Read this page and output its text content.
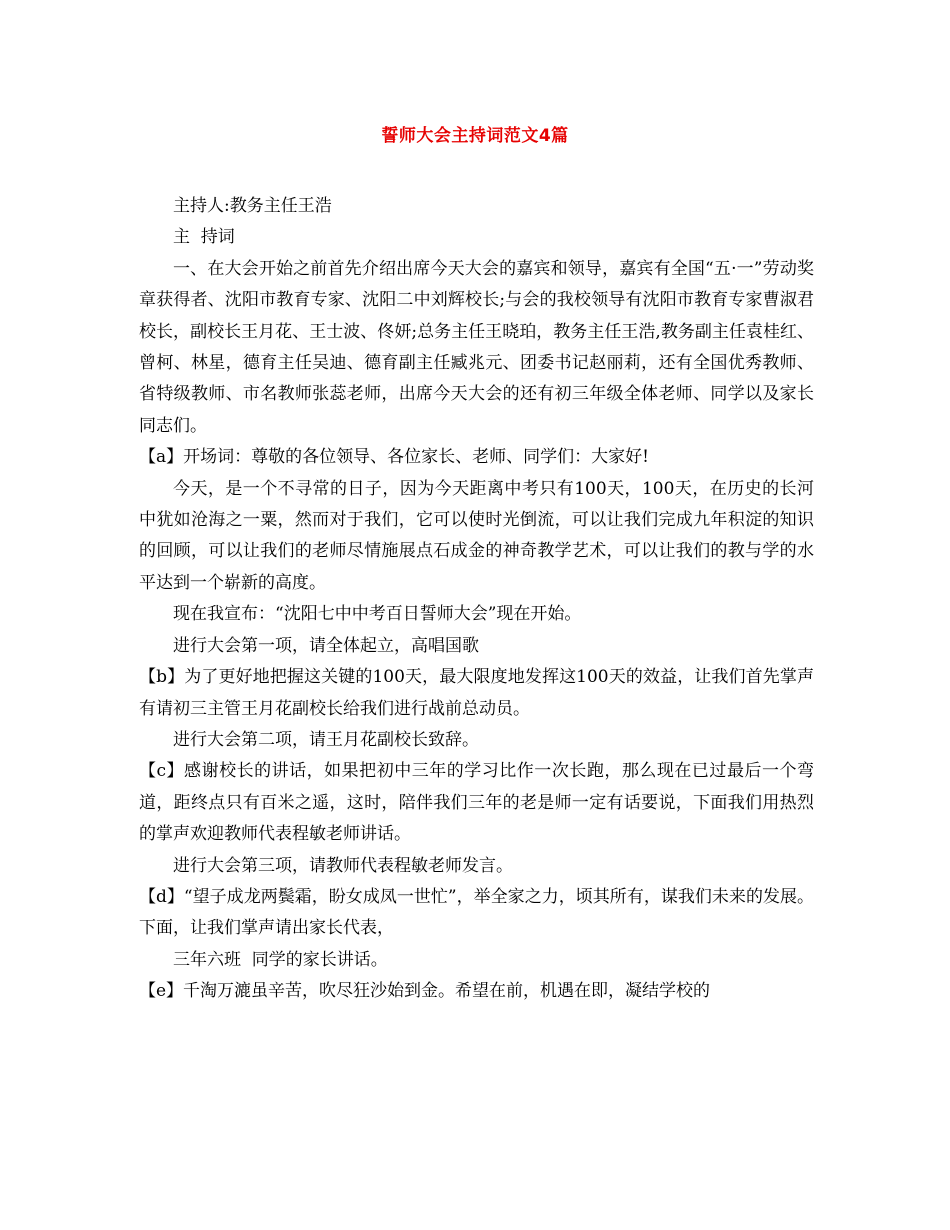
誓师大会主持词范文4篇

主持人:教务主任王浩

主  持词

一、在大会开始之前首先介绍出席今天大会的嘉宾和领导，嘉宾有全国“五·一”劳动奖章获得者、沈阳市教育专家、沈阳二中刘辉校长;与会的我校领导有沈阳市教育专家曹淑君校长，副校长王月花、王士波、佟妍;总务主任王晓珀，教务主任王浩,教务副主任袁桂红、曾柯、林星，德育主任吴迪、德育副主任臧兆元、团委书记赵丽莉，还有全国优秀教师、省特级教师、市名教师张蕊老师，出席今天大会的还有初三年级全体老师、同学以及家长同志们。

【a】开场词：尊敬的各位领导、各位家长、老师、同学们：大家好!

今天，是一个不寻常的日子，因为今天距离中考只有100天，100天，在历史的长河中犹如沧海之一粟，然而对于我们，它可以使时光倒流，可以让我们完成九年积淀的知识的回顾，可以让我们的老师尽情施展点石成金的神奇教学艺术，可以让我们的教与学的水平达到一个崭新的高度。

现在我宣布：“沈阳七中中考百日誓师大会”现在开始。

进行大会第一项，请全体起立，高唱国歌

【b】为了更好地把握这关键的100天，最大限度地发挥这100天的效益，让我们首先掌声有请初三主管王月花副校长给我们进行战前总动员。

进行大会第二项，请王月花副校长致辞。

【c】感谢校长的讲话，如果把初中三年的学习比作一次长跑，那么现在已过最后一个弯道，距终点只有百米之遥，这时，陪伴我们三年的老是师一定有话要说，下面我们用热烈的掌声欢迎教师代表程敏老师讲话。

进行大会第三项，请教师代表程敏老师发言。

【d】“望子成龙两鬓霜，盼女成凤一世忙”，举全家之力，顷其所有，谋我们未来的发展。下面，让我们掌声请出家长代表，

三年六班  同学的家长讲话。

【e】千淘万漉虽辛苦，吹尽狂沙始到金。希望在前，机遇在即，凝结学校的
